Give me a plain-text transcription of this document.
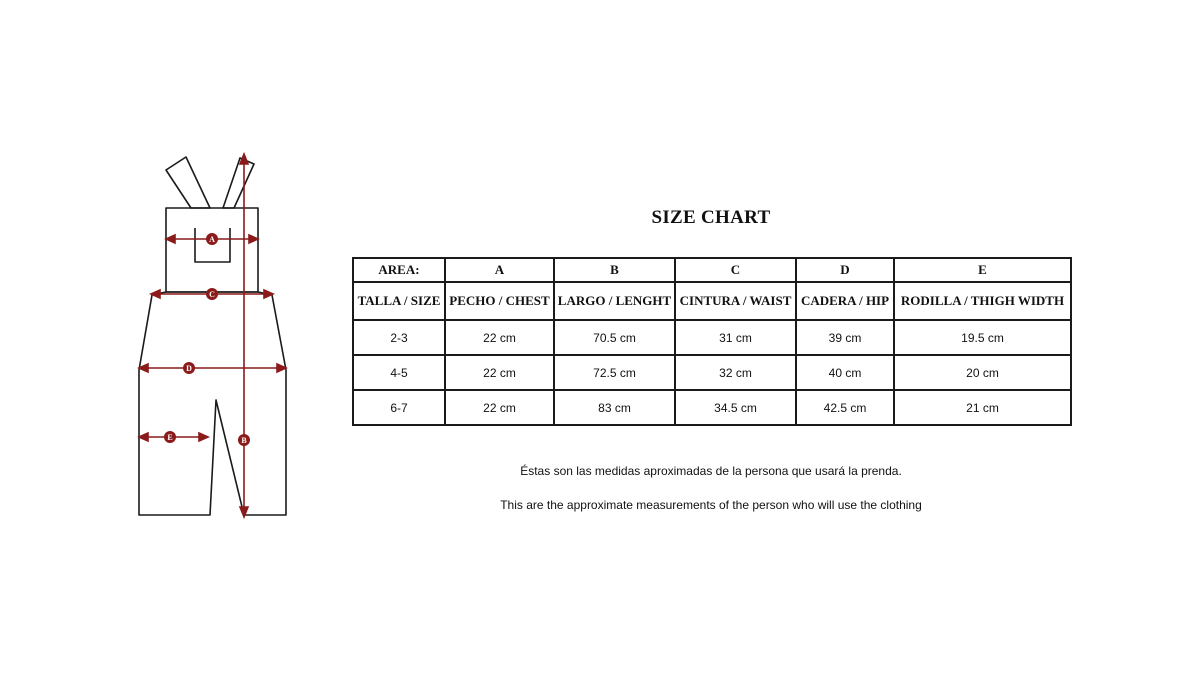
A
C
D
E	B
SIZE CHART
AREA:	A	B	C	D	E
TALLA / SIZE	PECHO / CHEST	LARGO / LENGHT	CINTURA / WAIST	CADERA / HIP	RODILLA / THIGH WIDTH
2-3	22 cm	70.5 cm	31 cm	39 cm	19.5 cm
4-5	22 cm	72.5 cm	32 cm	40 cm	20 cm
6-7	22 cm	83 cm	34.5 cm	42.5 cm	21 cm
Éstas son las medidas aproximadas de la persona que usará la prenda.
This are the approximate measurements of the person who will use the clothing
